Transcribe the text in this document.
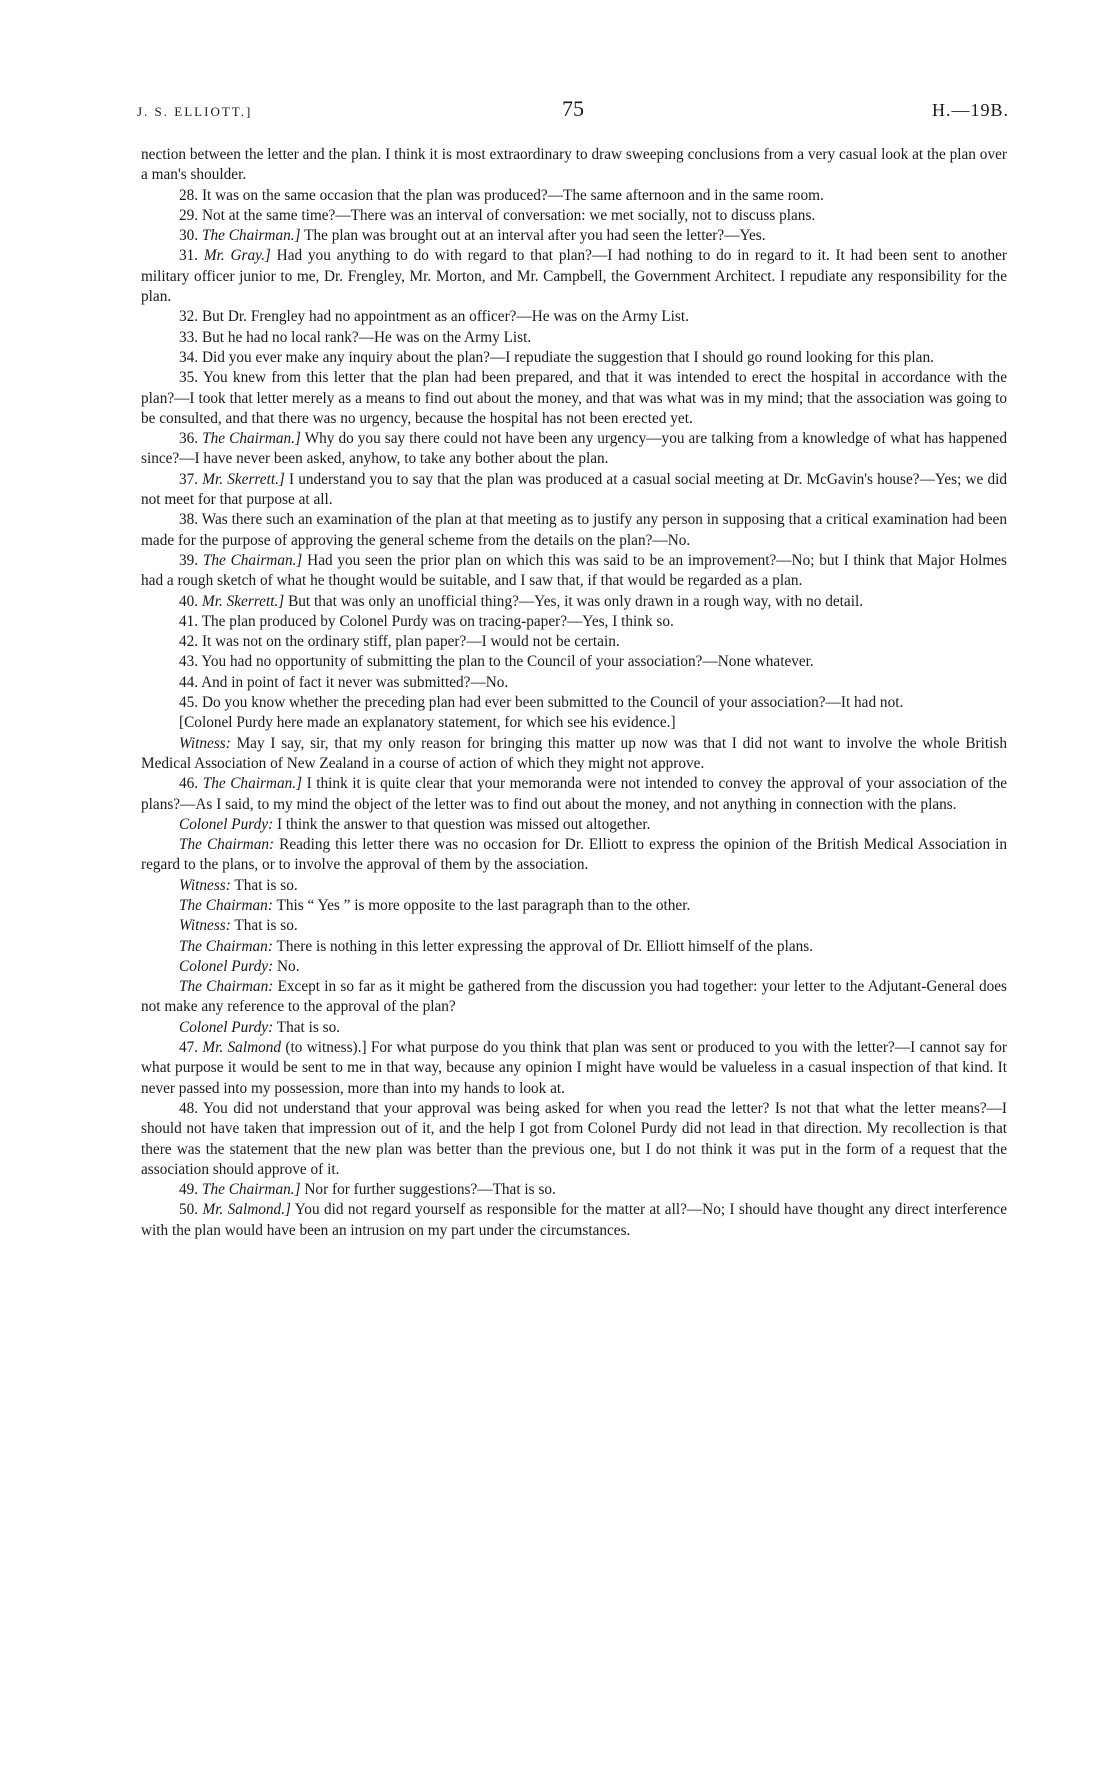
J. S. ELLIOTT.]	75	H.—19B.

nection between the letter and the plan. I think it is most extraordinary to draw sweeping conclusions from a very casual look at the plan over a man's shoulder.

28. It was on the same occasion that the plan was produced?—The same afternoon and in the same room.

29. Not at the same time?—There was an interval of conversation: we met socially, not to discuss plans.

30. The Chairman.] The plan was brought out at an interval after you had seen the letter?—Yes.

31. Mr. Gray.] Had you anything to do with regard to that plan?—I had nothing to do in regard to it. It had been sent to another military officer junior to me, Dr. Frengley, Mr. Morton, and Mr. Campbell, the Government Architect. I repudiate any responsibility for the plan.

32. But Dr. Frengley had no appointment as an officer?—He was on the Army List.

33. But he had no local rank?—He was on the Army List.

34. Did you ever make any inquiry about the plan?—I repudiate the suggestion that I should go round looking for this plan.

35. You knew from this letter that the plan had been prepared, and that it was intended to erect the hospital in accordance with the plan?—I took that letter merely as a means to find out about the money, and that was what was in my mind; that the association was going to be consulted, and that there was no urgency, because the hospital has not been erected yet.

36. The Chairman.] Why do you say there could not have been any urgency—you are talking from a knowledge of what has happened since?—I have never been asked, anyhow, to take any bother about the plan.

37. Mr. Skerrett.] I understand you to say that the plan was produced at a casual social meeting at Dr. McGavin's house?—Yes; we did not meet for that purpose at all.

38. Was there such an examination of the plan at that meeting as to justify any person in supposing that a critical examination had been made for the purpose of approving the general scheme from the details on the plan?—No.

39. The Chairman.] Had you seen the prior plan on which this was said to be an improvement?—No; but I think that Major Holmes had a rough sketch of what he thought would be suitable, and I saw that, if that would be regarded as a plan.

40. Mr. Skerrett.] But that was only an unofficial thing?—Yes, it was only drawn in a rough way, with no detail.

41. The plan produced by Colonel Purdy was on tracing-paper?—Yes, I think so.

42. It was not on the ordinary stiff, plan paper?—I would not be certain.

43. You had no opportunity of submitting the plan to the Council of your association?—None whatever.

44. And in point of fact it never was submitted?—No.

45. Do you know whether the preceding plan had ever been submitted to the Council of your association?—It had not.

[Colonel Purdy here made an explanatory statement, for which see his evidence.]

Witness: May I say, sir, that my only reason for bringing this matter up now was that I did not want to involve the whole British Medical Association of New Zealand in a course of action of which they might not approve.

46. The Chairman.] I think it is quite clear that your memoranda were not intended to convey the approval of your association of the plans?—As I said, to my mind the object of the letter was to find out about the money, and not anything in connection with the plans.

Colonel Purdy: I think the answer to that question was missed out altogether.

The Chairman: Reading this letter there was no occasion for Dr. Elliott to express the opinion of the British Medical Association in regard to the plans, or to involve the approval of them by the association.

Witness: That is so.

The Chairman: This “ Yes ” is more opposite to the last paragraph than to the other.

Witness: That is so.

The Chairman: There is nothing in this letter expressing the approval of Dr. Elliott himself of the plans.

Colonel Purdy: No.

The Chairman: Except in so far as it might be gathered from the discussion you had together: your letter to the Adjutant-General does not make any reference to the approval of the plan?

Colonel Purdy: That is so.

47. Mr. Salmond (to witness).] For what purpose do you think that plan was sent or produced to you with the letter?—I cannot say for what purpose it would be sent to me in that way, because any opinion I might have would be valueless in a casual inspection of that kind. It never passed into my possession, more than into my hands to look at.

48. You did not understand that your approval was being asked for when you read the letter? Is not that what the letter means?—I should not have taken that impression out of it, and the help I got from Colonel Purdy did not lead in that direction. My recollection is that there was the statement that the new plan was better than the previous one, but I do not think it was put in the form of a request that the association should approve of it.

49. The Chairman.] Nor for further suggestions?—That is so.

50. Mr. Salmond.] You did not regard yourself as responsible for the matter at all?—No; I should have thought any direct interference with the plan would have been an intrusion on my part under the circumstances.
